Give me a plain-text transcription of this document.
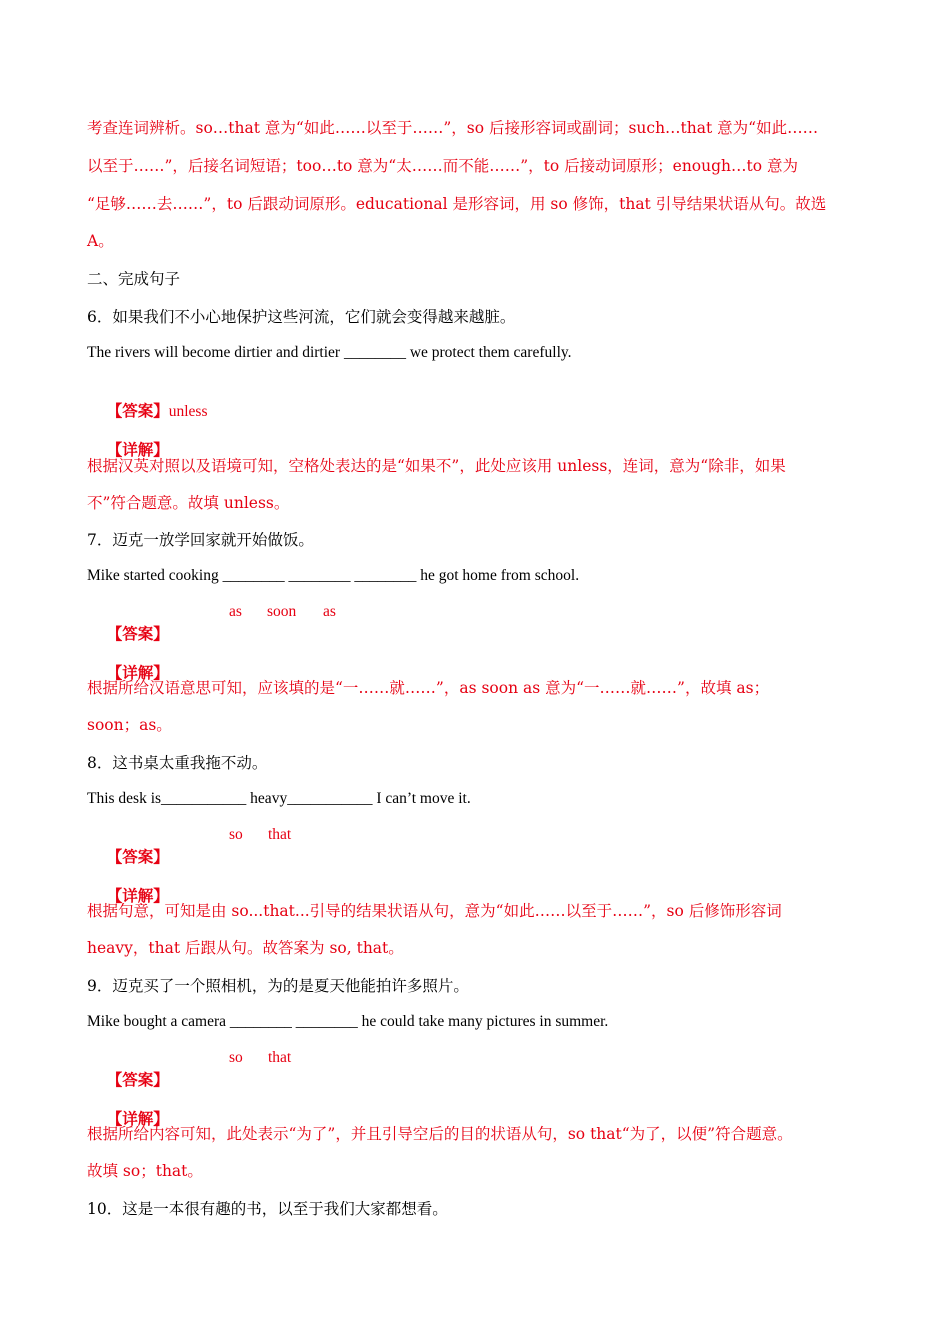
考查连词辨析。so…that 意为“如此……以至于……”，so 后接形容词或副词；such…that 意为“如此……
以至于……”，后接名词短语；too…to 意为“太……而不能……”，to 后接动词原形；enough…to 意为
“足够……去……”，to 后跟动词原形。educational 是形容词，用 so 修饰，that 引导结果状语从句。故选
A。
二、完成句子
6．如果我们不小心地保护这些河流，它们就会变得越来越脏。
The rivers will become dirtier and dirtier ________ we protect them carefully.

【答案】unless

【详解】

根据汉英对照以及语境可知，空格处表达的是“如果不”，此处应该用 unless，连词，意为“除非，如果
不”符合题意。故填 unless。
7．迈克一放学回家就开始做饭。
Mike started cooking ________ ________ ________ he got home from school.

【答案】

as soon as

【详解】

根据所给汉语意思可知，应该填的是“一……就……”，as soon as 意为“一……就……”，故填 as；
soon；as。
8．这书桌太重我拖不动。
This desk is___________ heavy___________ I can’t move it.

【答案】

so that

【详解】

根据句意，可知是由 so...that...引导的结果状语从句，意为“如此……以至于……”，so 后修饰形容词
heavy，that 后跟从句。故答案为 so, that。
9．迈克买了一个照相机，为的是夏天他能拍许多照片。
Mike bought a camera ________ ________ he could take many pictures in summer.

【答案】

so that

【详解】

根据所给内容可知，此处表示“为了”，并且引导空后的目的状语从句，so that“为了，以便”符合题意。
故填 so；that。
10．这是一本很有趣的书，以至于我们大家都想看。
